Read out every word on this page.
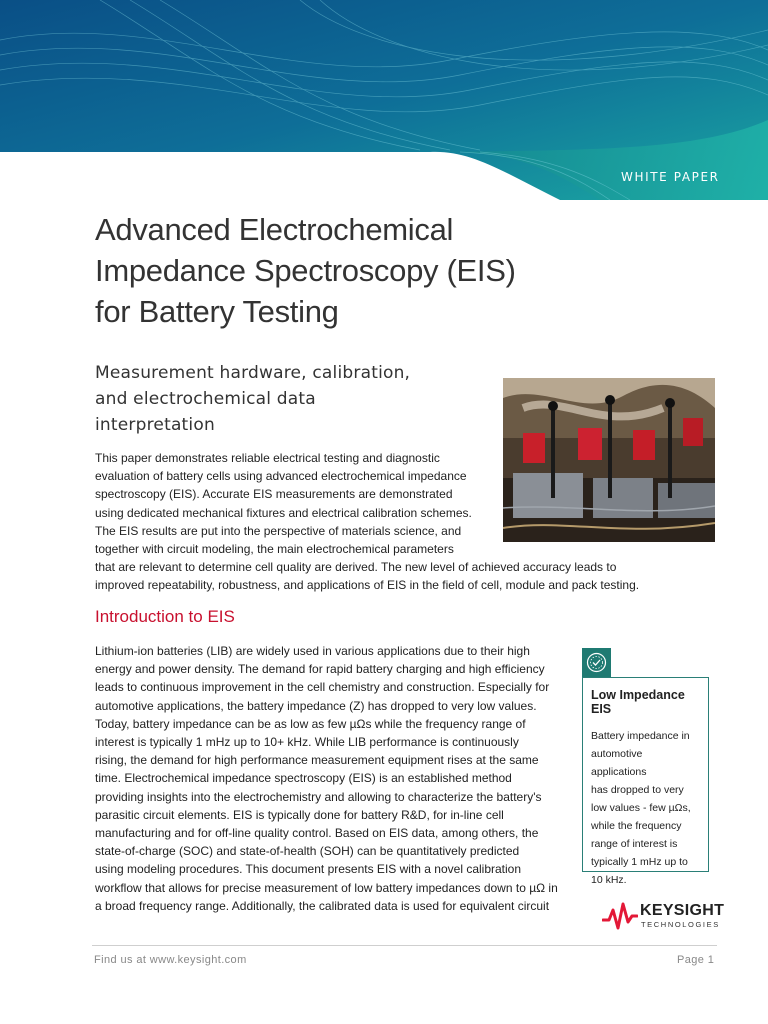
WHITE PAPER
Advanced Electrochemical
Impedance Spectroscopy (EIS)
for Battery Testing
Measurement hardware, calibration,
and electrochemical data
interpretation
This paper demonstrates reliable electrical testing and diagnostic
evaluation of battery cells using advanced electrochemical impedance
spectroscopy (EIS). Accurate EIS measurements are demonstrated
using dedicated mechanical fixtures and electrical calibration schemes.
The EIS results are put into the perspective of materials science, and
together with circuit modeling, the main electrochemical parameters
that are relevant to determine cell quality are derived. The new level of achieved accuracy leads to
improved repeatability, robustness, and applications of EIS in the field of cell, module and pack testing.
Introduction to EIS
Lithium-ion batteries (LIB) are widely used in various applications due to their high
energy and power density. The demand for rapid battery charging and high efficiency
leads to continuous improvement in the cell chemistry and construction. Especially for
automotive applications, the battery impedance (Z) has dropped to very low values.
Today, battery impedance can be as low as few µΩs while the frequency range of
interest is typically 1 mHz up to 10+ kHz. While LIB performance is continuously
rising, the demand for high performance measurement equipment rises at the same
time. Electrochemical impedance spectroscopy (EIS) is an established method
providing insights into the electrochemistry and allowing to characterize the battery's
parasitic circuit elements. EIS is typically done for battery R&D, for in-line cell
manufacturing and for off-line quality control. Based on EIS data, among others, the
state-of-charge (SOC) and state-of-health (SOH) can be quantitatively predicted
using modeling procedures. This document presents EIS with a novel calibration
workflow that allows for precise measurement of low battery impedances down to µΩ in
a broad frequency range. Additionally, the calibrated data is used for equivalent circuit
Low Impedance EIS
Battery impedance in
automotive applications
has dropped to very
low values - few µΩs,
while the frequency
range of interest is
typically 1 mHz up to
10 kHz.
KEYSIGHT
TECHNOLOGIES
Find us at www.keysight.com	Page 1
